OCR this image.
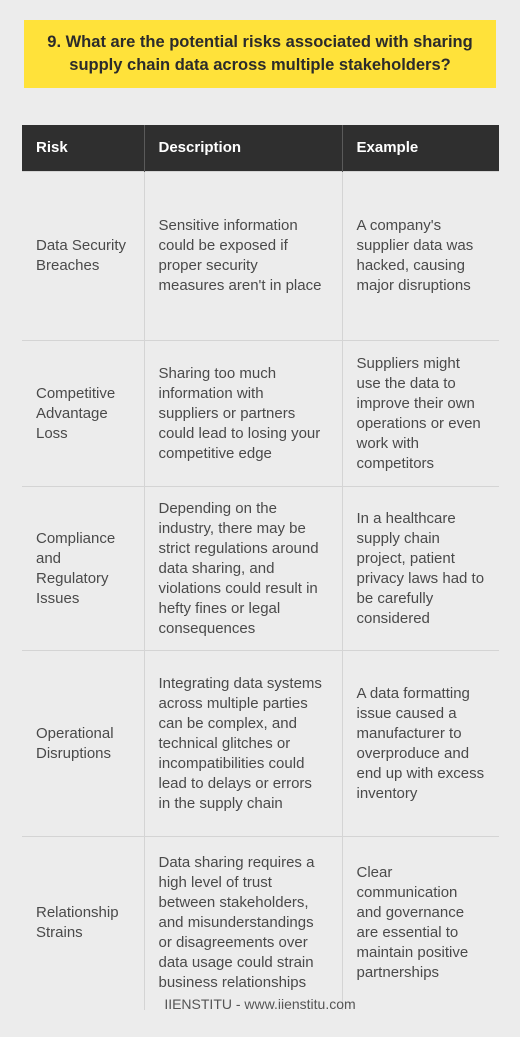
9. What are the potential risks associated with sharing supply chain data across multiple stakeholders?
Risk	Description	Example
Data Security Breaches	Sensitive information could be exposed if proper security measures aren't in place	A company's supplier data was hacked, causing major disruptions
Competitive Advantage Loss	Sharing too much information with suppliers or partners could lead to losing your competitive edge	Suppliers might use the data to improve their own operations or even work with competitors
Compliance and Regulatory Issues	Depending on the industry, there may be strict regulations around data sharing, and violations could result in hefty fines or legal consequences	In a healthcare supply chain project, patient privacy laws had to be carefully considered
Operational Disruptions	Integrating data systems across multiple parties can be complex, and technical glitches or incompatibilities could lead to delays or errors in the supply chain	A data formatting issue caused a manufacturer to overproduce and end up with excess inventory
Relationship Strains	Data sharing requires a high level of trust between stakeholders, and misunderstandings or disagreements over data usage could strain business relationships	Clear communication and governance are essential to maintain positive partnerships
IIENSTITU - www.iienstitu.com
